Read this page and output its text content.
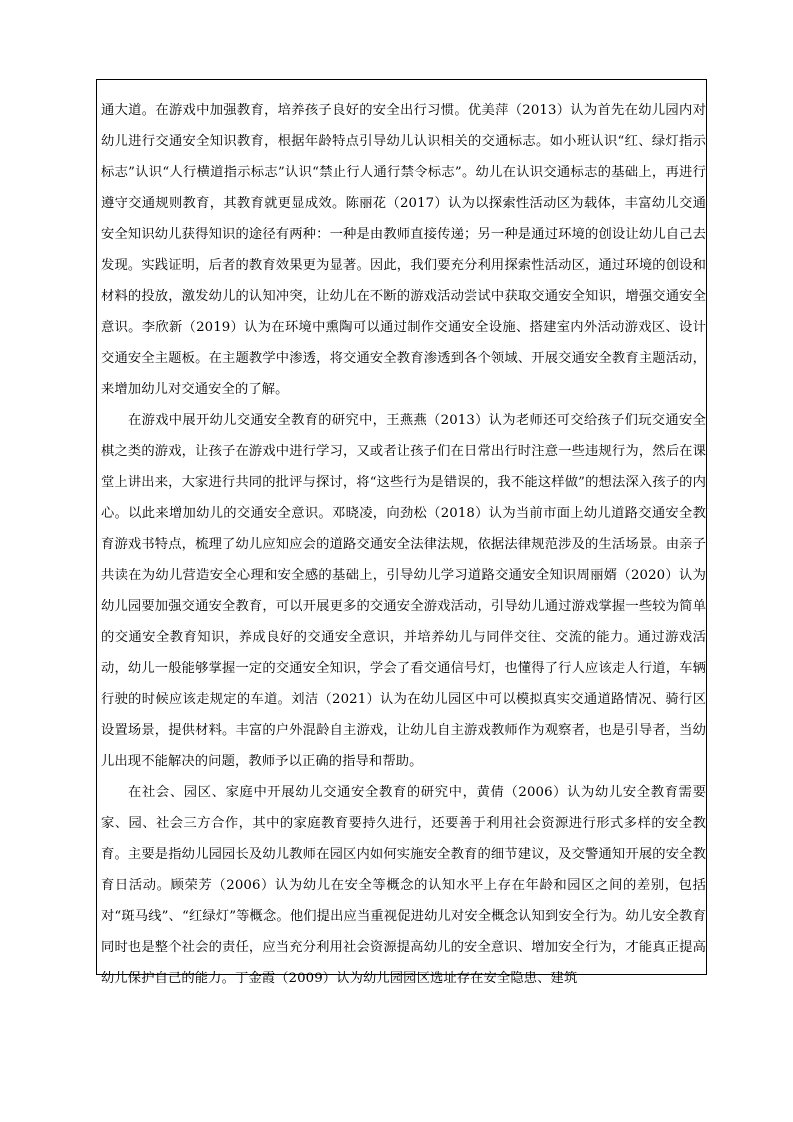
通大道。在游戏中加强教育，培养孩子良好的安全出行习惯。优美萍（2013）认为首先在幼儿园内对幼儿进行交通安全知识教育，根据年龄特点引导幼儿认识相关的交通标志。如小班认识“红、绿灯指示标志”认识“人行横道指示标志”认识“禁止行人通行禁令标志”。幼儿在认识交通标志的基础上，再进行遵守交通规则教育，其教育就更显成效。陈丽花（2017）认为以探索性活动区为载体，丰富幼儿交通安全知识幼儿获得知识的途径有两种：一种是由教师直接传递；另一种是通过环境的创设让幼儿自己去发现。实践证明，后者的教育效果更为显著。因此，我们要充分利用探索性活动区，通过环境的创设和材料的投放，激发幼儿的认知冲突，让幼儿在不断的游戏活动尝试中获取交通安全知识，增强交通安全意识。李欣新（2019）认为在环境中熏陶可以通过制作交通安全设施、搭建室内外活动游戏区、设计交通安全主题板。在主题教学中渗透，将交通安全教育渗透到各个领域、开展交通安全教育主题活动，来增加幼儿对交通安全的了解。

在游戏中展开幼儿交通安全教育的研究中，王燕燕（2013）认为老师还可交给孩子们玩交通安全棋之类的游戏，让孩子在游戏中进行学习，又或者让孩子们在日常出行时注意一些违规行为，然后在课堂上讲出来，大家进行共同的批评与探讨，将“这些行为是错误的，我不能这样做”的想法深入孩子的内心。以此来增加幼儿的交通安全意识。邓晓凌，向劲松（2018）认为当前市面上幼儿道路交通安全教育游戏书特点，梳理了幼儿应知应会的道路交通安全法律法规，依据法律规范涉及的生活场景。由亲子共读在为幼儿营造安全心理和安全感的基础上，引导幼儿学习道路交通安全知识周丽婿（2020）认为幼儿园要加强交通安全教育，可以开展更多的交通安全游戏活动，引导幼儿通过游戏掌握一些较为简单的交通安全教育知识，养成良好的交通安全意识，并培养幼儿与同伴交往、交流的能力。通过游戏活动，幼儿一般能够掌握一定的交通安全知识，学会了看交通信号灯，也懂得了行人应该走人行道，车辆行驶的时候应该走规定的车道。刘洁（2021）认为在幼儿园区中可以模拟真实交通道路情况、骑行区设置场景，提供材料。丰富的户外混龄自主游戏，让幼儿自主游戏教师作为观察者，也是引导者，当幼儿出现不能解决的问题，教师予以正确的指导和帮助。

在社会、园区、家庭中开展幼儿交通安全教育的研究中，黄倩（2006）认为幼儿安全教育需要家、园、社会三方合作，其中的家庭教育要持久进行，还要善于利用社会资源进行形式多样的安全教育。主要是指幼儿园园长及幼儿教师在园区内如何实施安全教育的细节建议，及交警通知开展的安全教育日活动。顾荣芳（2006）认为幼儿在安全等概念的认知水平上存在年龄和园区之间的差别，包括对“斑马线”、“红绿灯”等概念。他们提出应当重视促进幼儿对安全概念认知到安全行为。幼儿安全教育同时也是整个社会的责任，应当充分利用社会资源提高幼儿的安全意识、增加安全行为，才能真正提高幼儿保护自己的能力。丁金霞（2009）认为幼儿园园区选址存在安全隐患、建筑
